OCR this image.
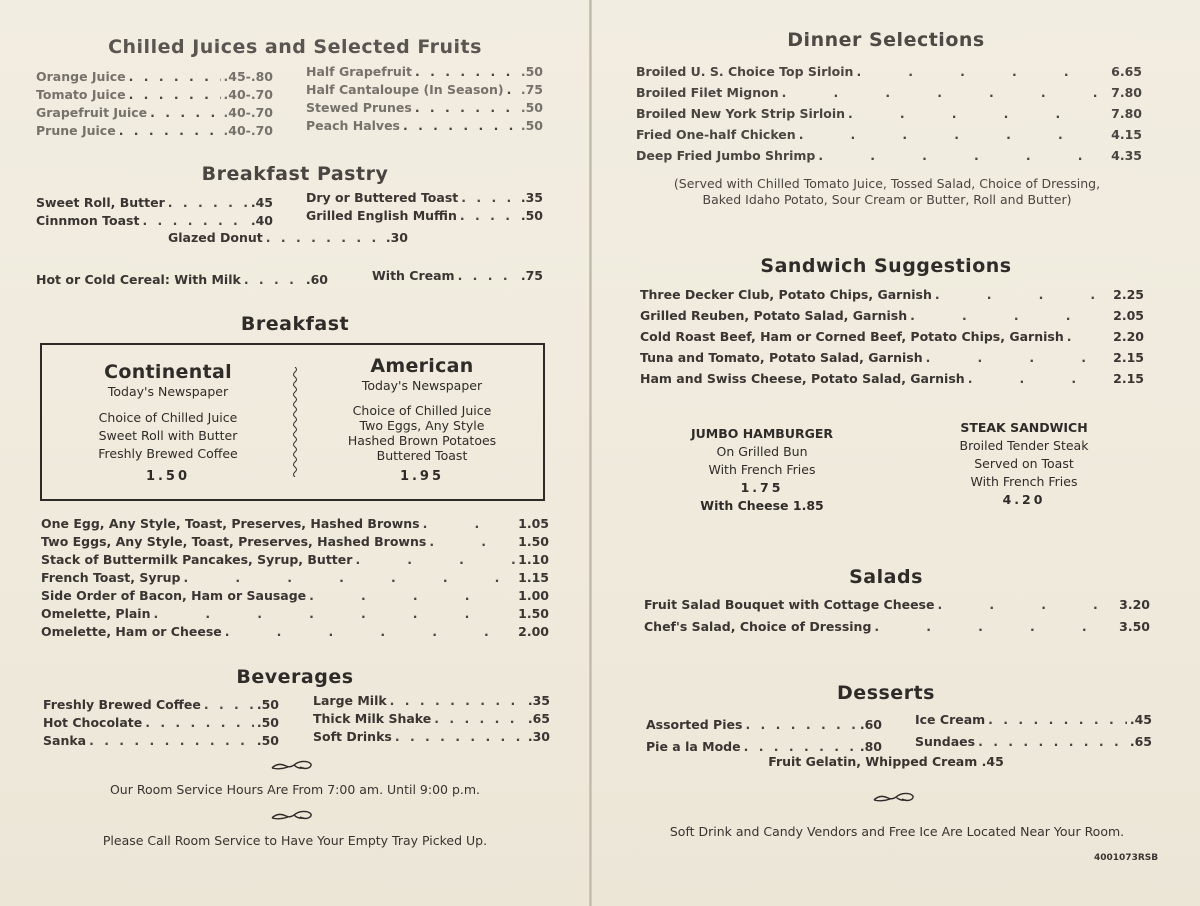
Chilled Juices and Selected Fruits
Orange Juice . . .	.45-.80
Tomato Juice . . .	.40-.70
Grapefruit Juice . . .	.40-.70
Prune Juice . . .	.40-.70
Half Grapefruit . . .	.50
Half Cantaloupe (In Season) . . . .75
Stewed Prunes . . .	.50
Peach Halves . . .	.50
Breakfast Pastry
Sweet Roll, Butter . . .	.45
Cinnmon Toast . . .	.40
Dry or Buttered Toast . . .	.35
Grilled English Muffin . . .	.50
Glazed Donut . . .	.30
Hot or Cold Cereal: With Milk . . .	.60	With Cream . . .	.75
Breakfast
Continental
Today's Newspaper
Choice of Chilled Juice
Sweet Roll with Butter
Freshly Brewed Coffee
1.50
American
Today's Newspaper
Choice of Chilled Juice
Two Eggs, Any Style
Hashed Brown Potatoes
Buttered Toast
1.95
One Egg, Any Style, Toast, Preserves, Hashed Browns .	1.05
Two Eggs, Any Style, Toast, Preserves, Hashed Browns .	1.50
Stack of Buttermilk Pancakes, Syrup, Butter .	1.10
French Toast, Syrup .	1.15
Side Order of Bacon, Ham or Sausage .	1.00
Omelette, Plain .	1.50
Omelette, Ham or Cheese .	2.00
Beverages
Freshly Brewed Coffee . . .	.50
Hot Chocolate . . .	.50
Sanka . . .	.50
Large Milk . . .	.35
Thick Milk Shake . . .	.65
Soft Drinks . . .	.30
Our Room Service Hours Are From 7:00 am. Until 9:00 p.m.
Please Call Room Service to Have Your Empty Tray Picked Up.
Dinner Selections
Broiled U. S. Choice Top Sirloin .	6.65
Broiled Filet Mignon .	7.80
Broiled New York Strip Sirloin .	7.80
Fried One-half Chicken .	4.15
Deep Fried Jumbo Shrimp .	4.35
(Served with Chilled Tomato Juice, Tossed Salad, Choice of Dressing,
Baked Idaho Potato, Sour Cream or Butter, Roll and Butter)
Sandwich Suggestions
Three Decker Club, Potato Chips, Garnish .	2.25
Grilled Reuben, Potato Salad, Garnish .	2.05
Cold Roast Beef, Ham or Corned Beef, Potato Chips, Garnish .	2.20
Tuna and Tomato, Potato Salad, Garnish .	2.15
Ham and Swiss Cheese, Potato Salad, Garnish .	2.15
JUMBO HAMBURGER
On Grilled Bun
With French Fries
1.75
With Cheese 1.85
STEAK SANDWICH
Broiled Tender Steak
Served on Toast
With French Fries
4.20
Salads
Fruit Salad Bouquet with Cottage Cheese .	3.20
Chef's Salad, Choice of Dressing .	3.50
Desserts
Assorted Pies . . .	.60
Pie a la Mode . . .	.80
Ice Cream . . .	.45
Sundaes . . .	.65
Fruit Gelatin, Whipped Cream .45
Soft Drink and Candy Vendors and Free Ice Are Located Near Your Room.
4001073RSB
